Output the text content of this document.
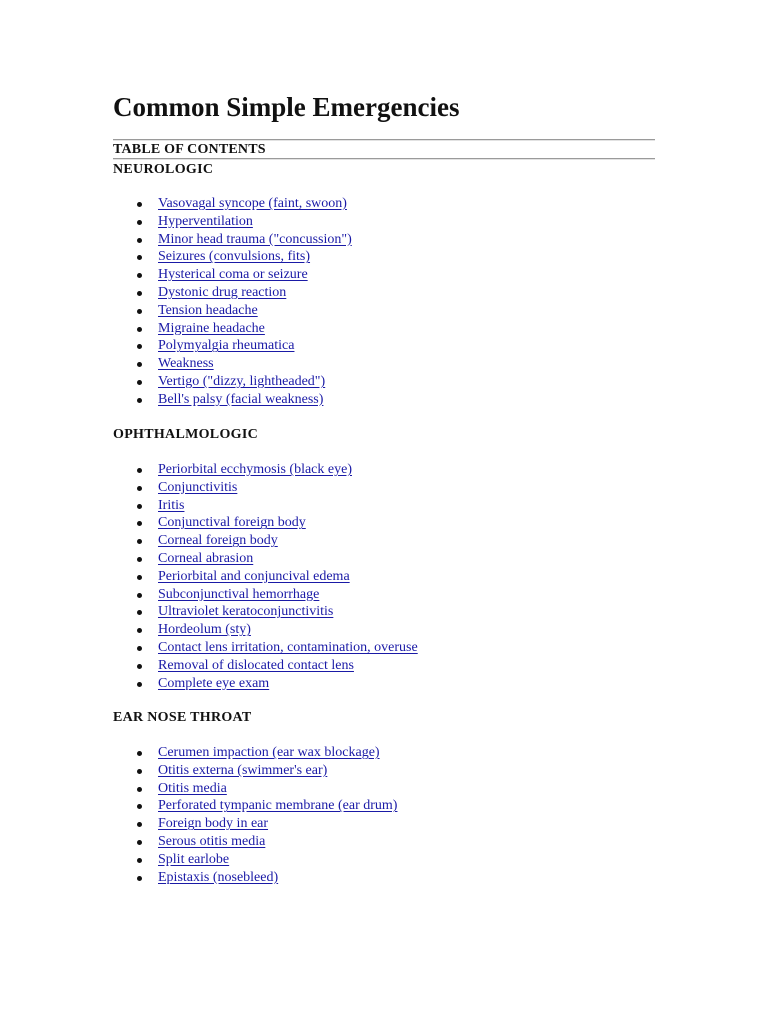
Common Simple Emergencies
TABLE OF CONTENTS
NEUROLOGIC
Vasovagal syncope (faint, swoon)
Hyperventilation
Minor head trauma ("concussion")
Seizures (convulsions, fits)
Hysterical coma or seizure
Dystonic drug reaction
Tension headache
Migraine headache
Polymyalgia rheumatica
Weakness
Vertigo ("dizzy, lightheaded")
Bell's palsy (facial weakness)
OPHTHALMOLOGIC
Periorbital ecchymosis (black eye)
Conjunctivitis
Iritis
Conjunctival foreign body
Corneal foreign body
Corneal abrasion
Periorbital and conjuncival edema
Subconjunctival hemorrhage
Ultraviolet keratoconjunctivitis
Hordeolum (sty)
Contact lens irritation, contamination, overuse
Removal of dislocated contact lens
Complete eye exam
EAR NOSE THROAT
Cerumen impaction (ear wax blockage)
Otitis externa (swimmer's ear)
Otitis media
Perforated tympanic membrane (ear drum)
Foreign body in ear
Serous otitis media
Split earlobe
Epistaxis (nosebleed)
